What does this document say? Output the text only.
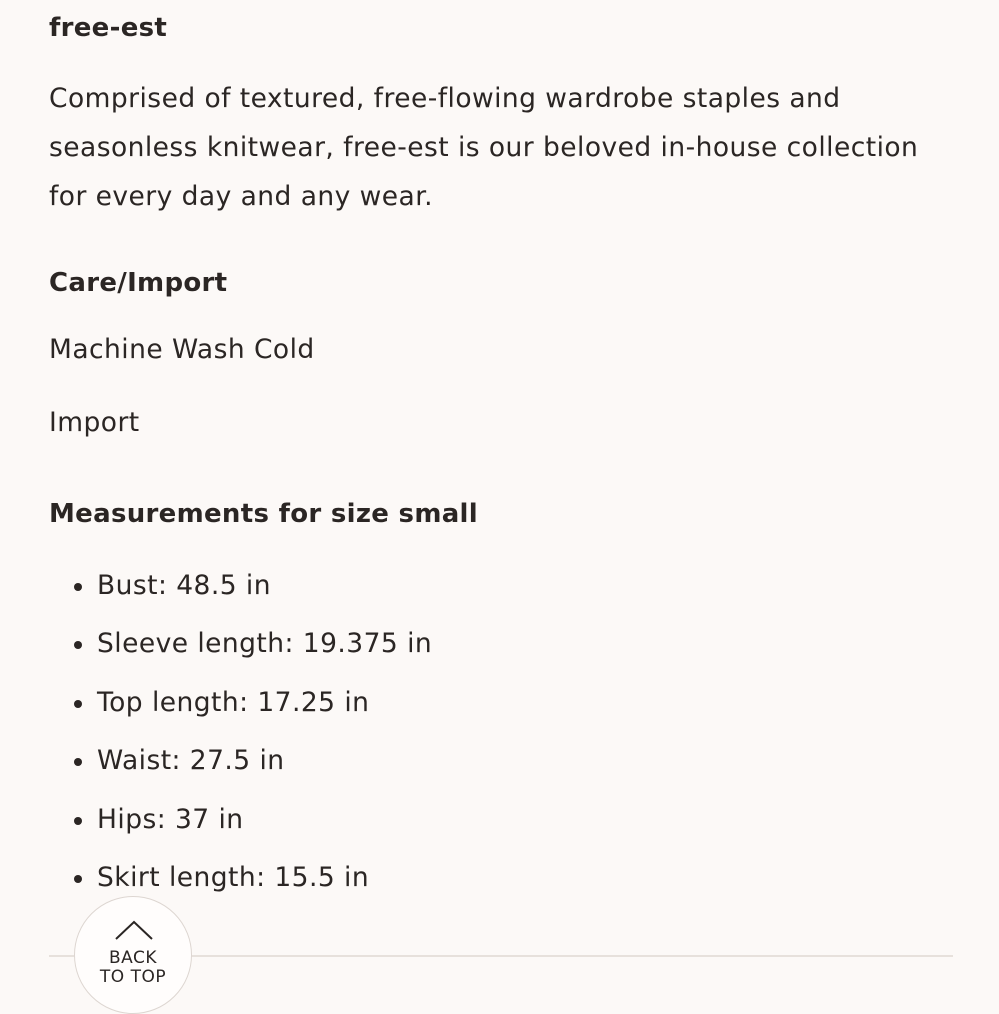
free-est

Comprised of textured, free-flowing wardrobe staples and seasonless knitwear, free-est is our beloved in-house collection for every day and any wear.

Care/Import

Machine Wash Cold

Import

Measurements for size small
Bust: 48.5 in
Sleeve length: 19.375 in
Top length: 17.25 in
Waist: 27.5 in
Hips: 37 in
Skirt length: 15.5 in
BACK
TO TOP
